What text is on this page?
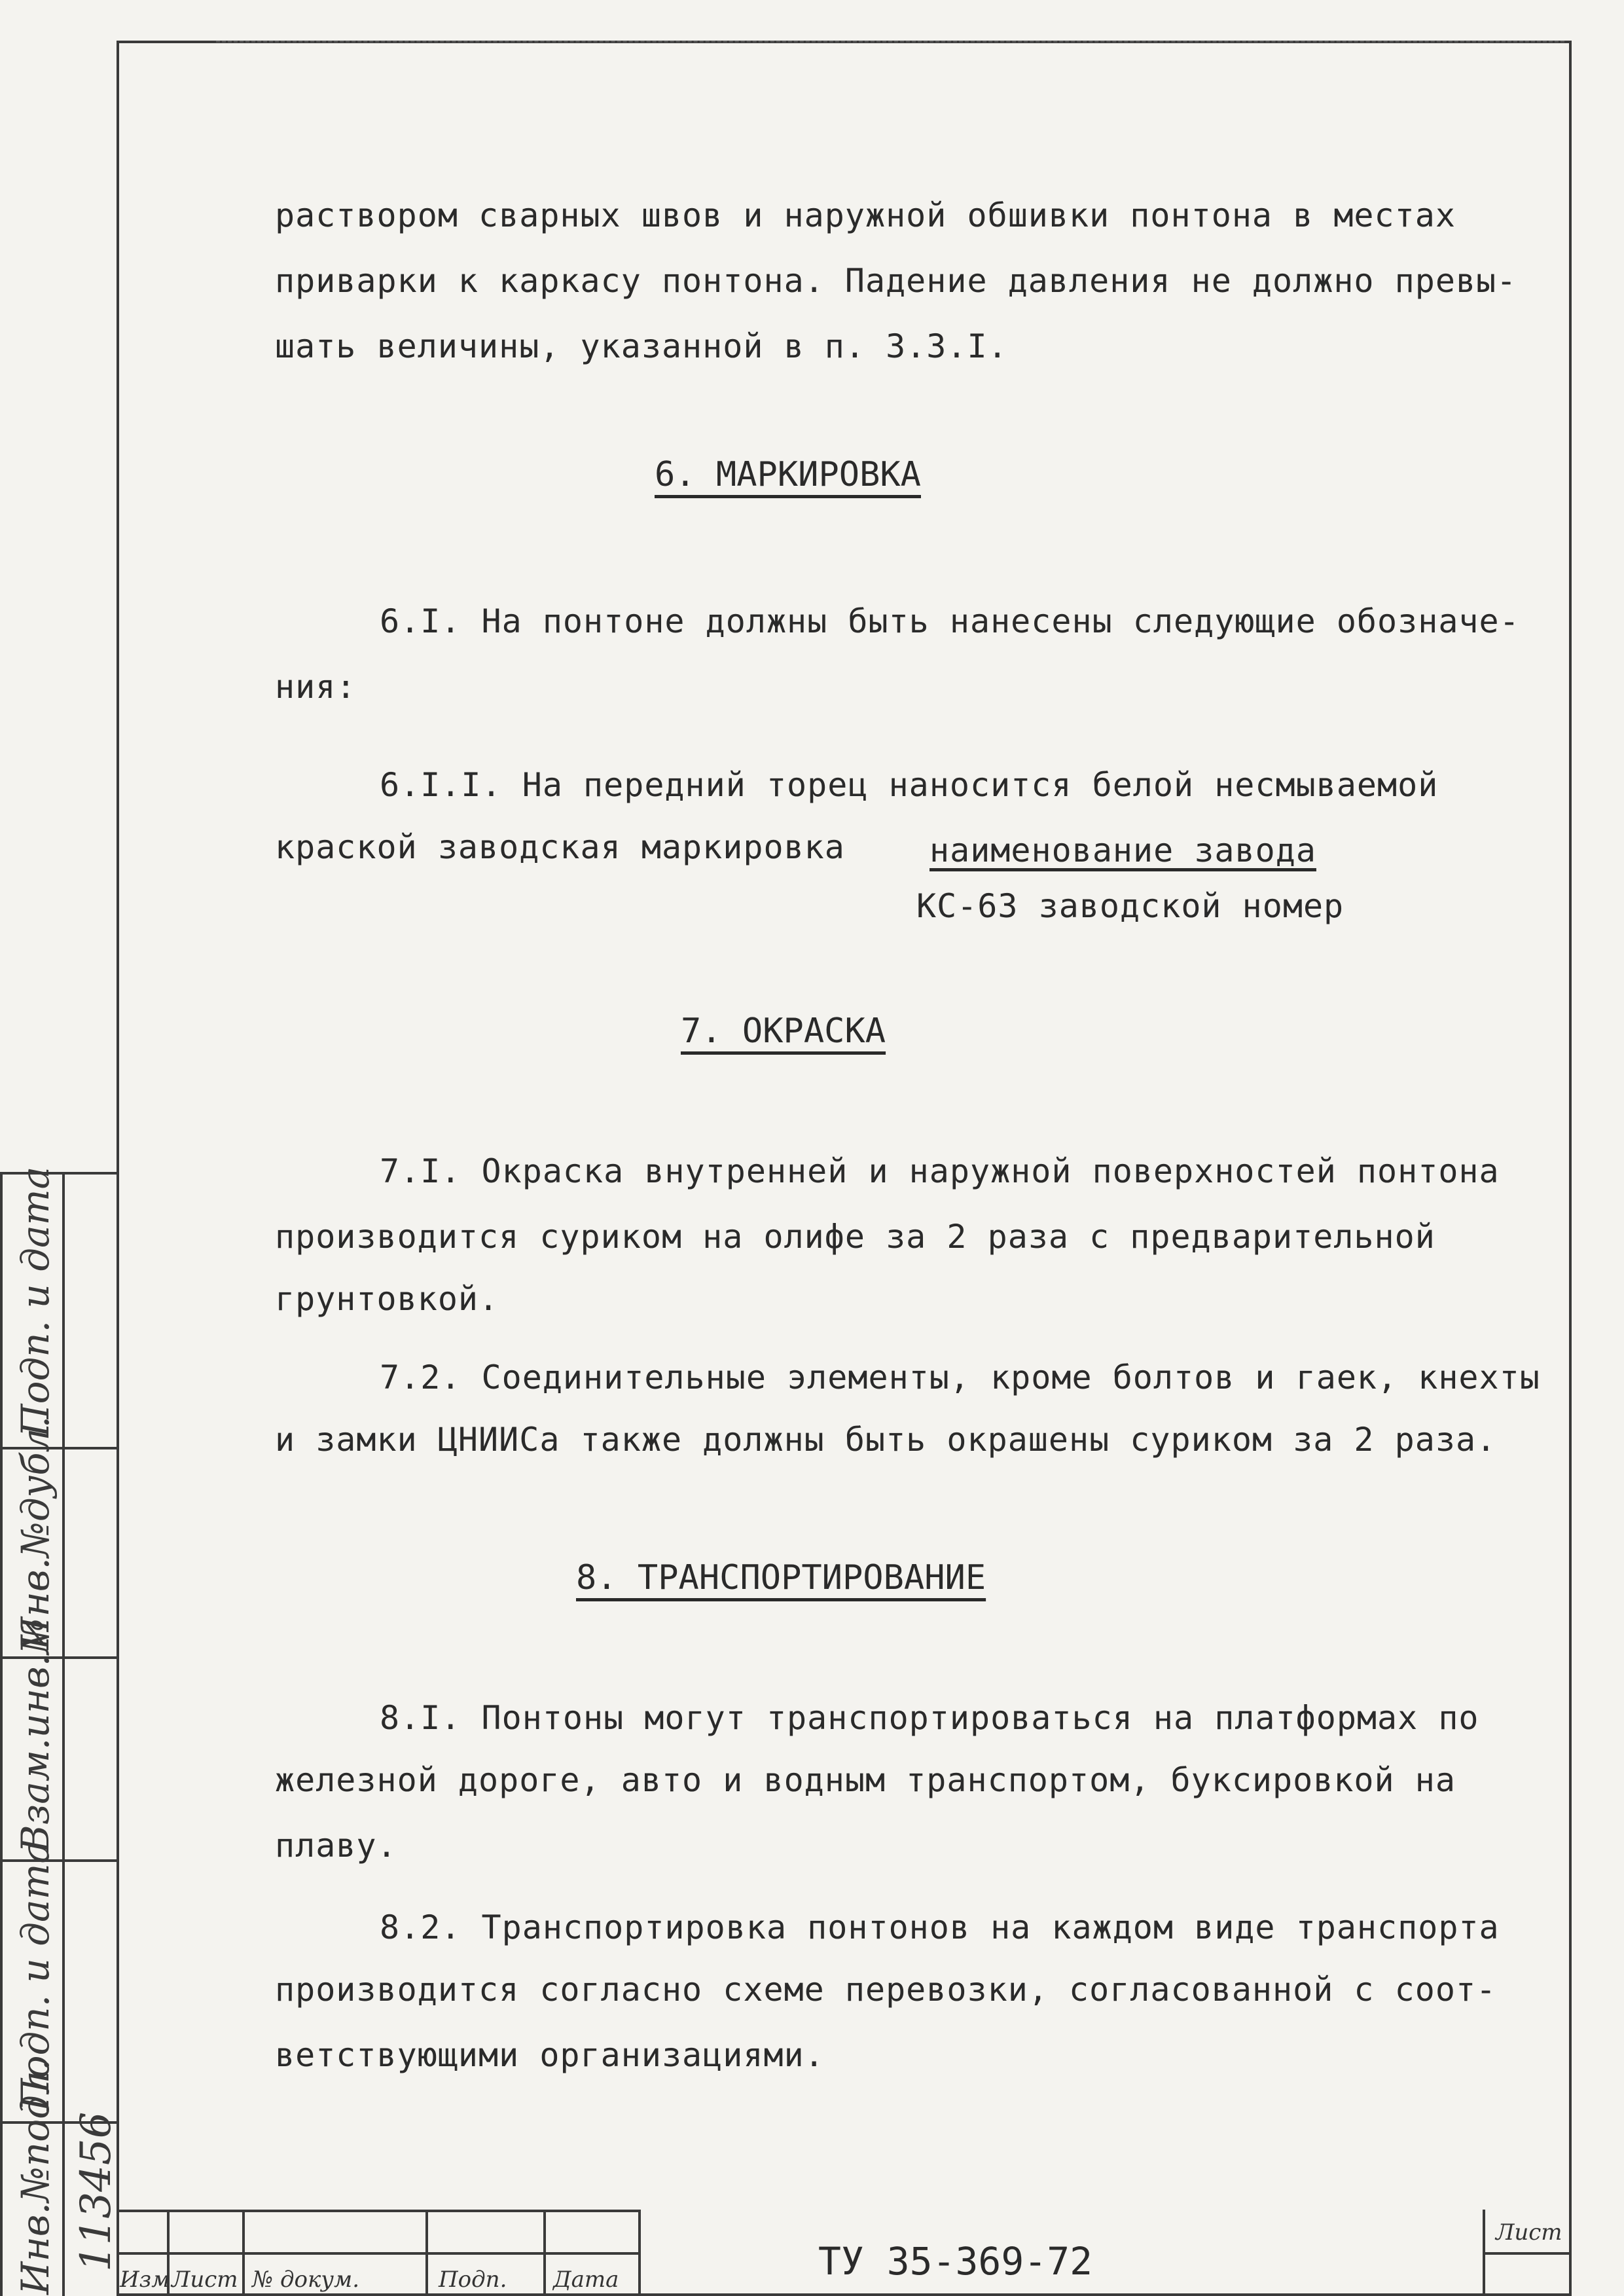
раствором сварных швов и наружной обшивки понтона в местах
приварки к каркасу понтона. Падение давления не должно превы-
шать величины, указанной в п. 3.3.I.
6. МАРКИРОВКА
6.I. На понтоне должны быть нанесены следующие обозначе-
ния:
6.I.I. На передний торец наносится белой несмываемой
краской заводская маркировка	наименование завода
КС-63 заводской номер
7. ОКРАСКА
7.I. Окраска внутренней и наружной поверхностей понтона
производится суриком на олифе за 2 раза с предварительной
грунтовкой.
7.2. Соединительные элементы, кроме болтов и гаек, кнехты
и замки ЦНИИСа также должны быть окрашены суриком за 2 раза.
8. ТРАНСПОРТИРОВАНИЕ
8.I. Понтоны могут транспортироваться на платформах по
железной дороге, авто и водным транспортом, буксировкой на
плаву.
8.2. Транспортировка понтонов на каждом виде транспорта
производится согласно схеме перевозки, согласованной с соот-
ветствующими организациями.
Подп. и дата
Инв.№дубл.
Взам.инв.№
Подп. и дата
Инв.№подл. 113456
Изм Лист № докум.	Подп. Дата	ТУ 35-369-72
Лист
